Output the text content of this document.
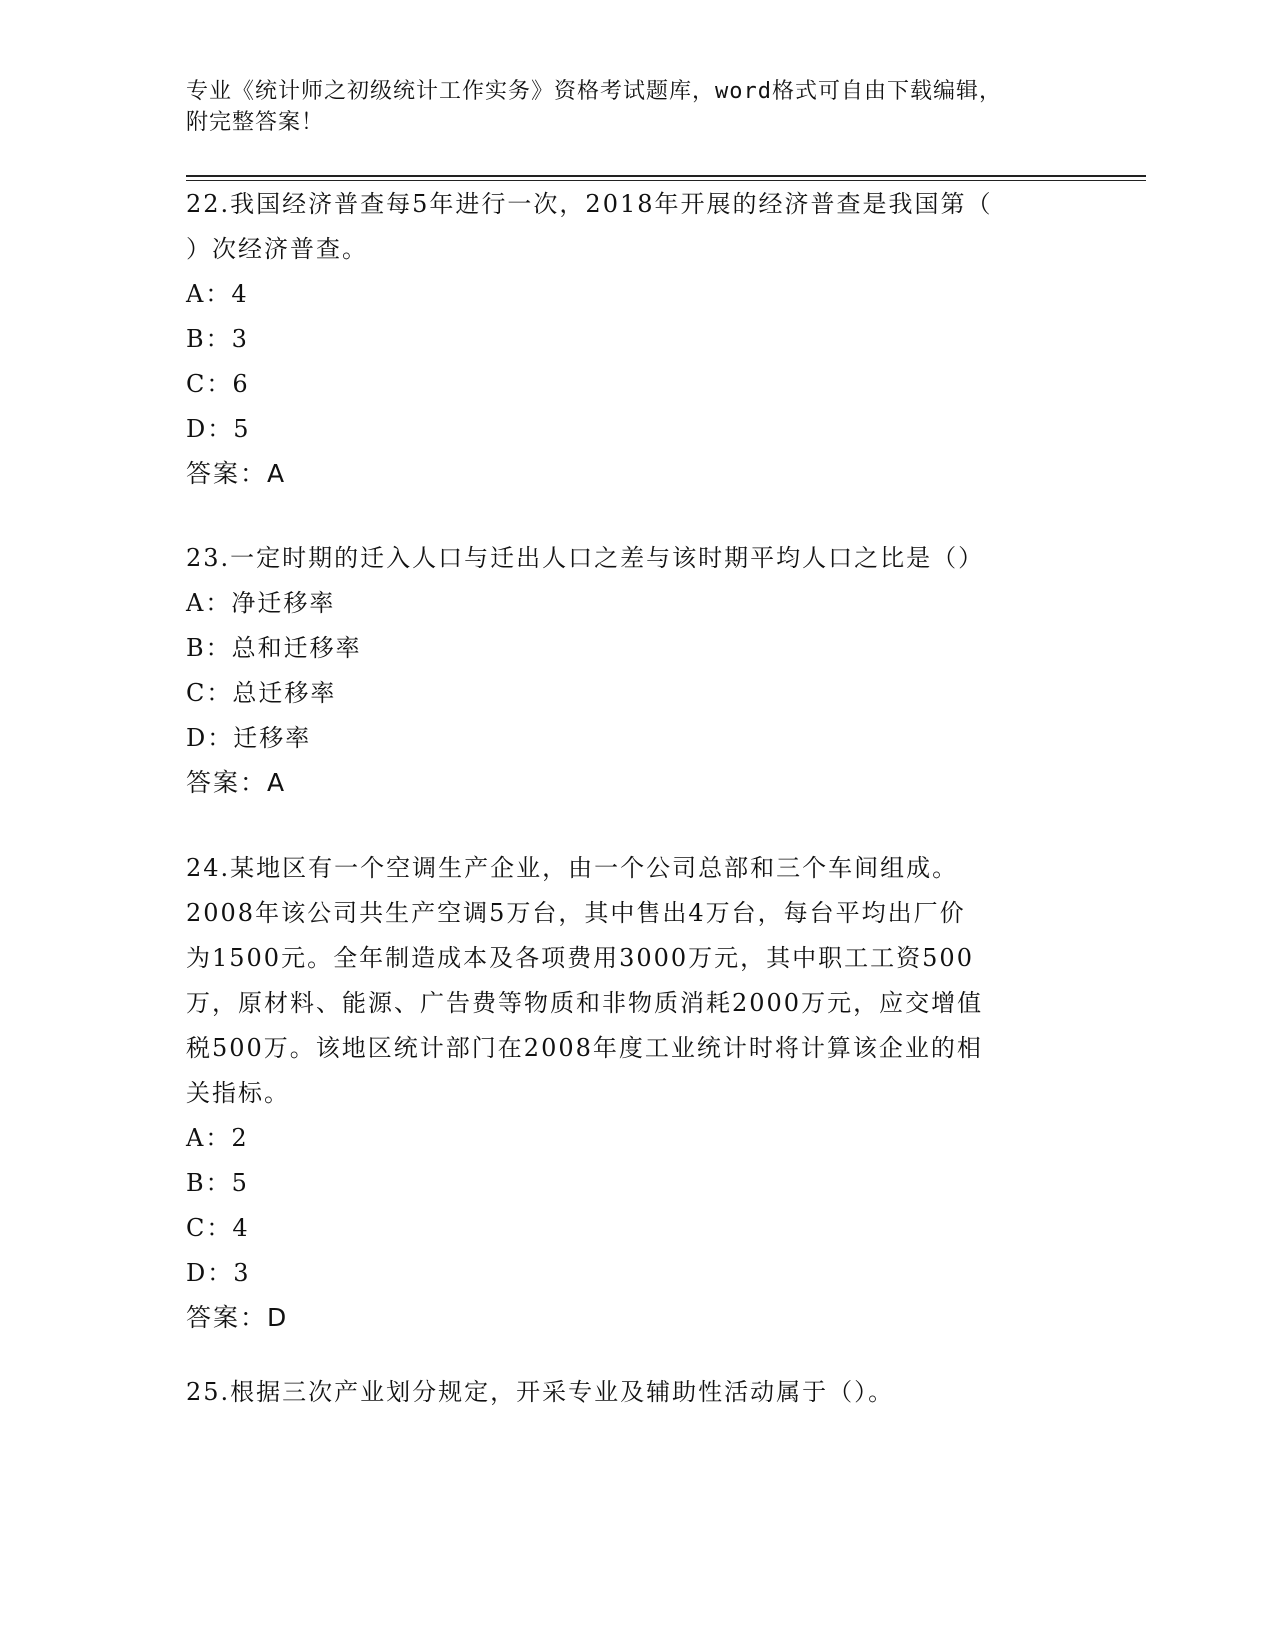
专业《统计师之初级统计工作实务》资格考试题库，word格式可自由下载编辑，
附完整答案！
22.我国经济普查每5年进行一次，2018年开展的经济普查是我国第（
）次经济普查。
A：4
B：3
C：6
D：5
答案：A
23.一定时期的迁入人口与迁出人口之差与该时期平均人口之比是（）
A：净迁移率
B：总和迁移率
C：总迁移率
D：迁移率
答案：A
24.某地区有一个空调生产企业，由一个公司总部和三个车间组成。
2008年该公司共生产空调5万台，其中售出4万台，每台平均出厂价
为1500元。全年制造成本及各项费用3000万元，其中职工工资500
万，原材料、能源、广告费等物质和非物质消耗2000万元，应交增值
税500万。该地区统计部门在2008年度工业统计时将计算该企业的相
关指标。
A：2
B：5
C：4
D：3
答案：D
25.根据三次产业划分规定，开采专业及辅助性活动属于（）。
